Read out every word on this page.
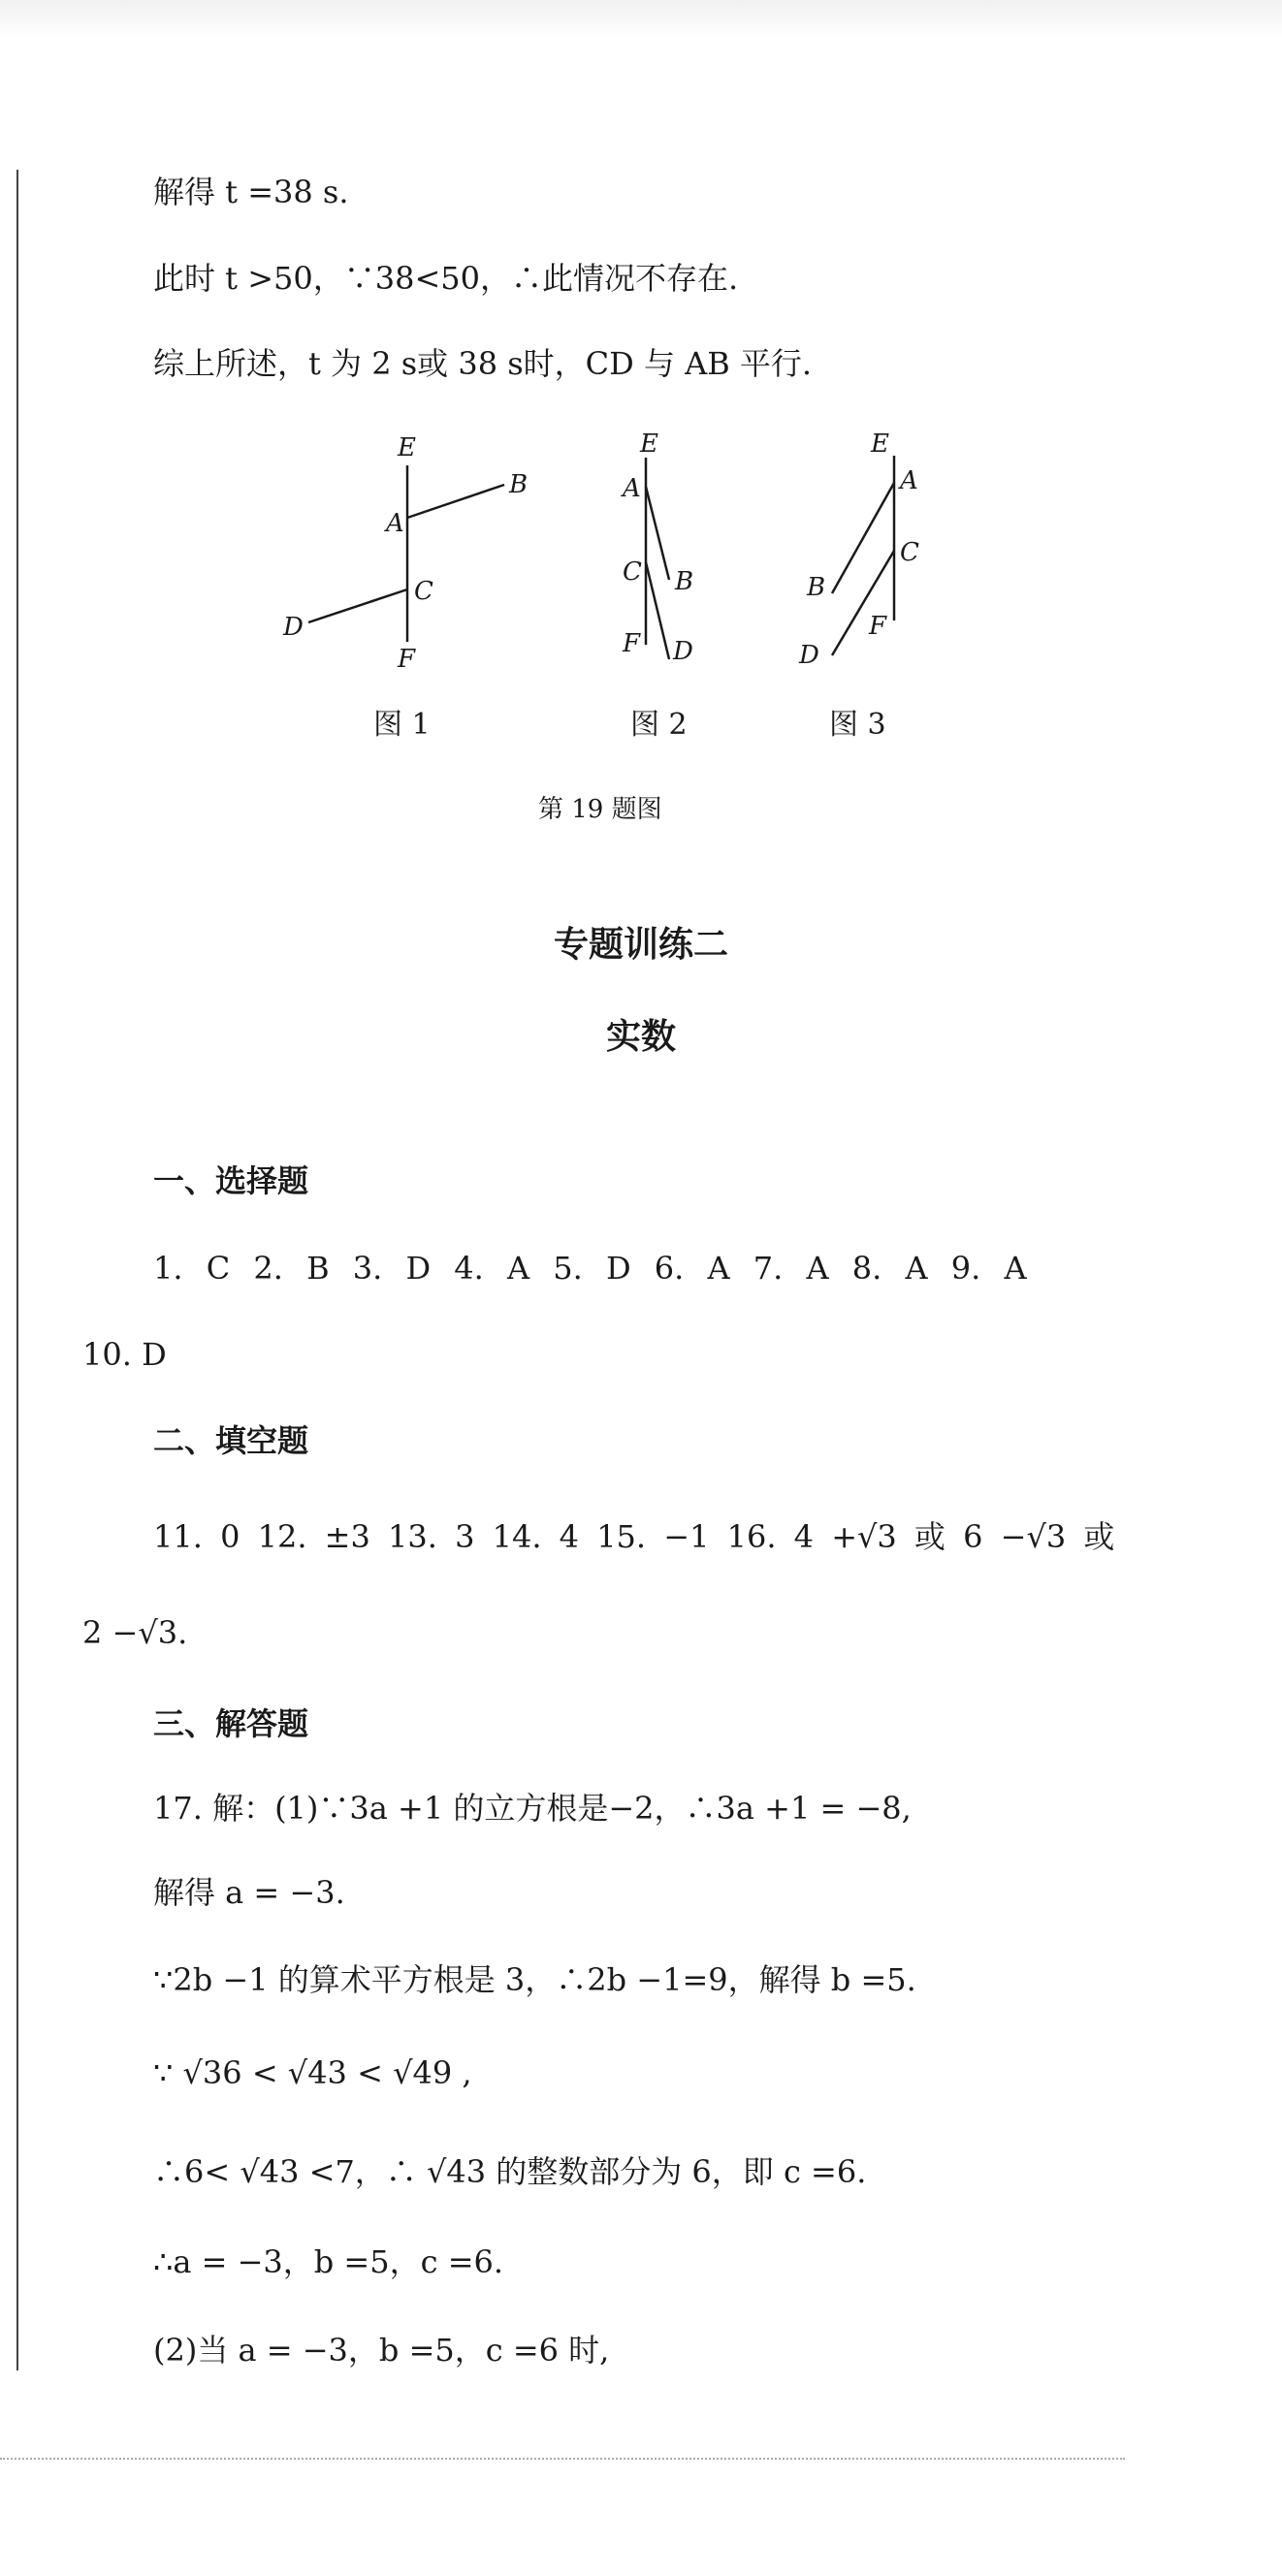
解得 t =38 s.
此时 t >50，∵38<50，∴此情况不存在.
综上所述，t 为 2 s或 38 s时，CD 与 AB 平行.
E
A
B
C
D
F
E
A
C B
F D
E
A
C
B
F
D
图 1	图 2	图 3
第 19 题图
专题训练二
实数
一、选择题
1. C 2. B 3. D 4. A 5. D 6. A 7. A 8. A 9. A
10. D
二、填空题
11. 0 12. ±3 13. 3 14. 4 15. −1 16. 4 +√3 或 6 −√3 或
2 −√3.
三、解答题
17. 解：(1)∵3a +1 的立方根是−2，∴3a +1 = −8,
解得 a = −3.
∵2b −1 的算术平方根是 3，∴2b −1=9，解得 b =5.
∵ √36 < √43 < √49 ,
∴6< √43 <7，∴ √43 的整数部分为 6，即 c =6.
∴a = −3，b =5，c =6.
(2)当 a = −3，b =5，c =6 时,
